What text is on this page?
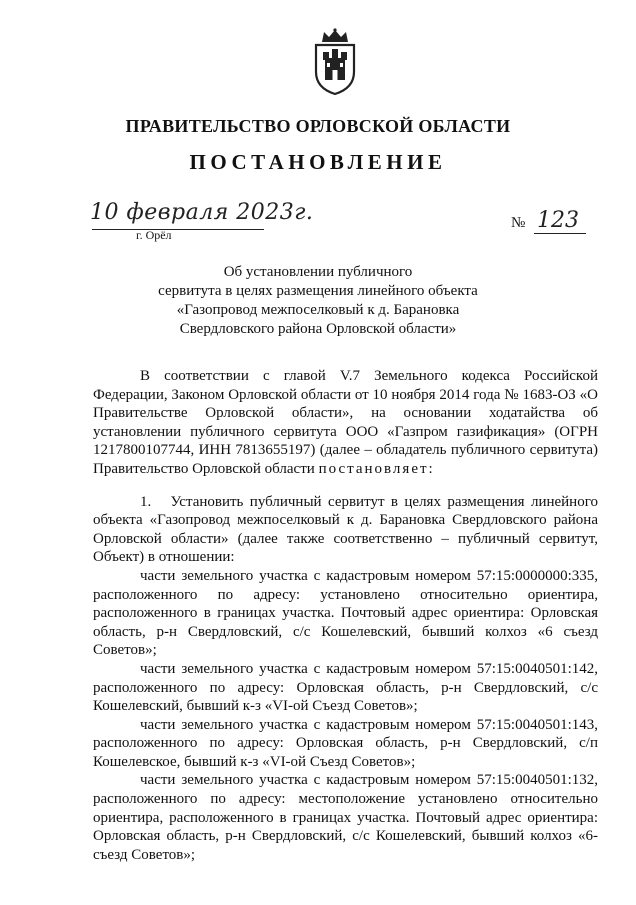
ПРАВИТЕЛЬСТВО ОРЛОВСКОЙ ОБЛАСТИ
ПОСТАНОВЛЕНИЕ
10 февраля 2023г.
г. Орёл
№ 123
Об установлении публичного
сервитута в целях размещения линейного объекта
«Газопровод межпоселковый к д. Барановка
Свердловского района Орловской области»

В соответствии с главой V.7 Земельного кодекса Российской Федерации, Законом Орловской области от 10 ноября 2014 года № 1683-ОЗ «О Правительстве Орловской области», на основании ходатайства об установлении публичного сервитута ООО «Газпром газификация» (ОГРН 1217800107744, ИНН 7813655197) (далее – обладатель публичного сервитута) Правительство Орловской области постановляет:

1.   Установить публичный сервитут в целях размещения линейного объекта «Газопровод межпоселковый к д. Барановка Свердловского района Орловской области» (далее также соответственно – публичный сервитут, Объект) в отношении:

части земельного участка с кадастровым номером 57:15:0000000:335, расположенного по адресу: установлено относительно ориентира, расположенного в границах участка. Почтовый адрес ориентира: Орловская область, р-н Свердловский, с/с Кошелевский, бывший колхоз «6 съезд Советов»;

части земельного участка с кадастровым номером 57:15:0040501:142, расположенного по адресу: Орловская область, р-н Свердловский, с/с Кошелевский, бывший к-з «VI-ой Съезд Советов»;

части земельного участка с кадастровым номером 57:15:0040501:143, расположенного по адресу: Орловская область, р-н Свердловский, с/п Кошелевское, бывший к-з «VI-ой Съезд Советов»;

части земельного участка с кадастровым номером 57:15:0040501:132, расположенного по адресу: местоположение установлено относительно ориентира, расположенного в границах участка. Почтовый адрес ориентира: Орловская область, р-н Свердловский, с/с Кошелевский, бывший колхоз «6-съезд Советов»;
